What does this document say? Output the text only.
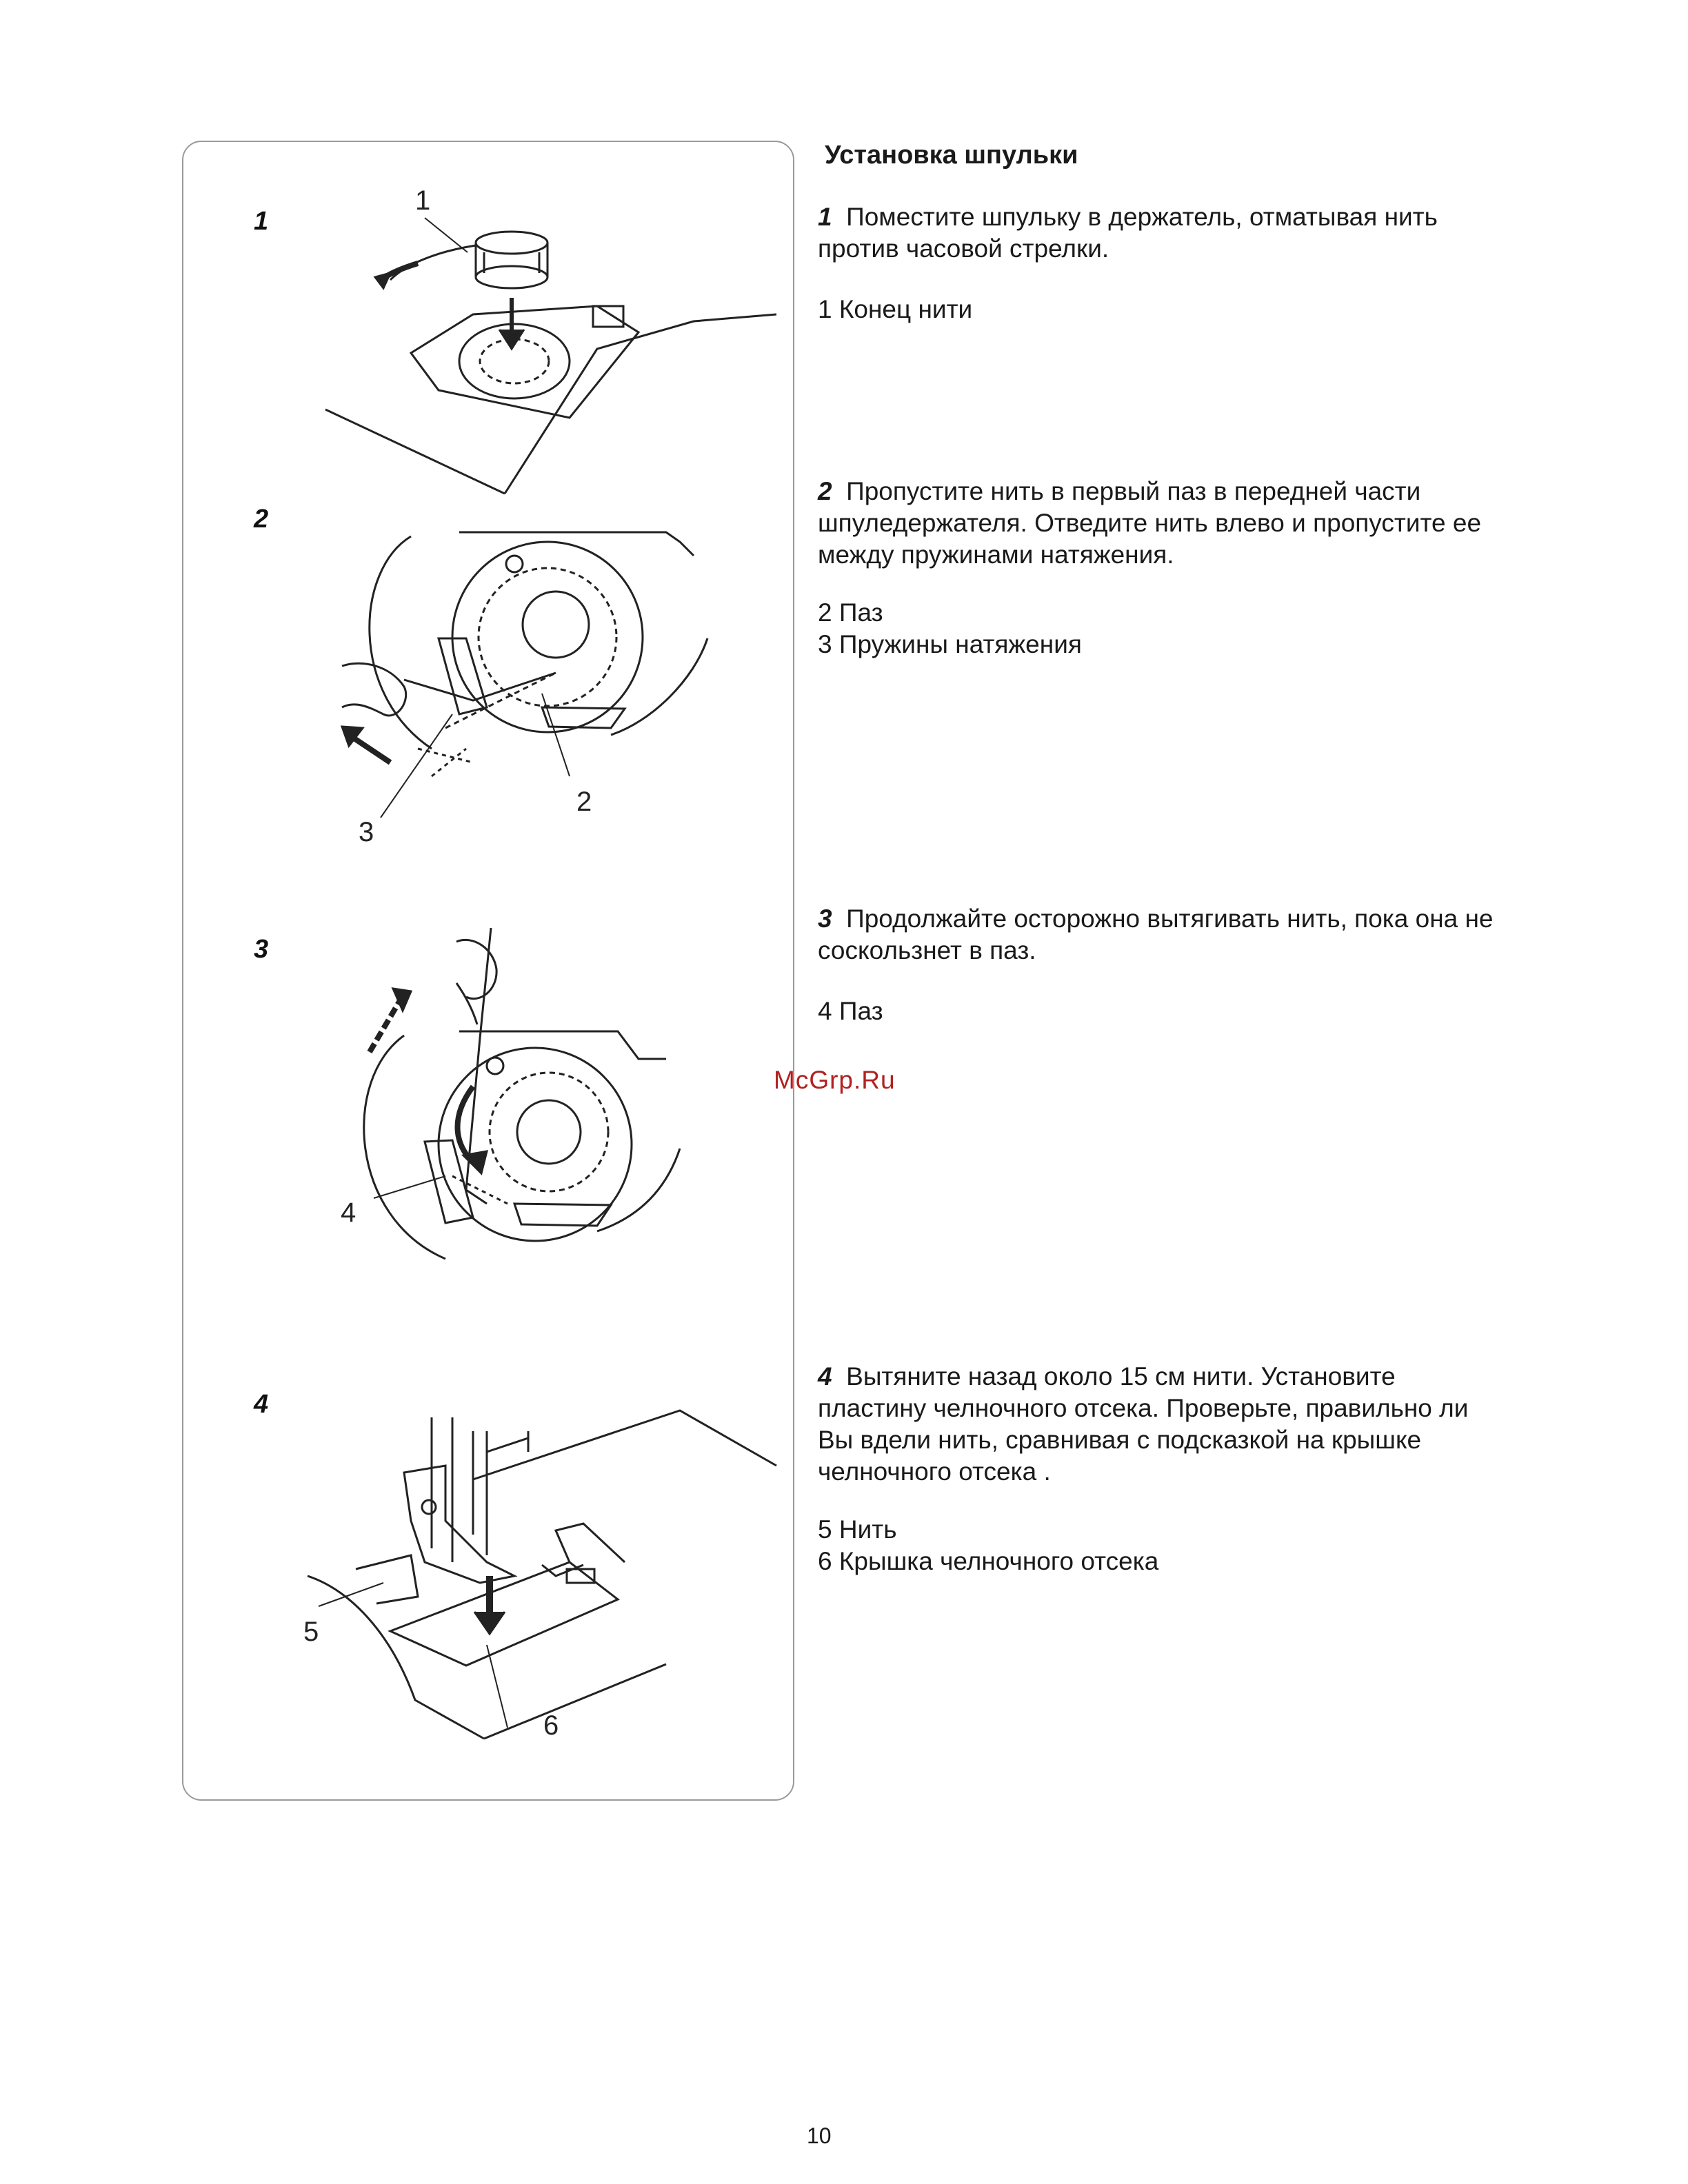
1
2
3
4
5
6
1
2
3
4
Установка шпульки

1 Поместите шпульку в держатель, отматывая нить против часовой стрелки.

1 Конец нити

2 Пропустите нить в первый паз в передней части шпуледержателя. Отведите нить влево и пропустите ее между пружинами натяжения.

2 Паз
3 Пружины натяжения

3 Продолжайте осторожно вытягивать нить, пока она не соскользнет в паз.

4 Паз

4 Вытяните назад около 15 см нити. Установите пластину челночного отсека. Проверьте, правильно ли Вы вдели нить, сравнивая с подсказкой на крышке челночного отсека .

5 Нить
6 Крышка челночного отсека
McGrp.Ru
10
